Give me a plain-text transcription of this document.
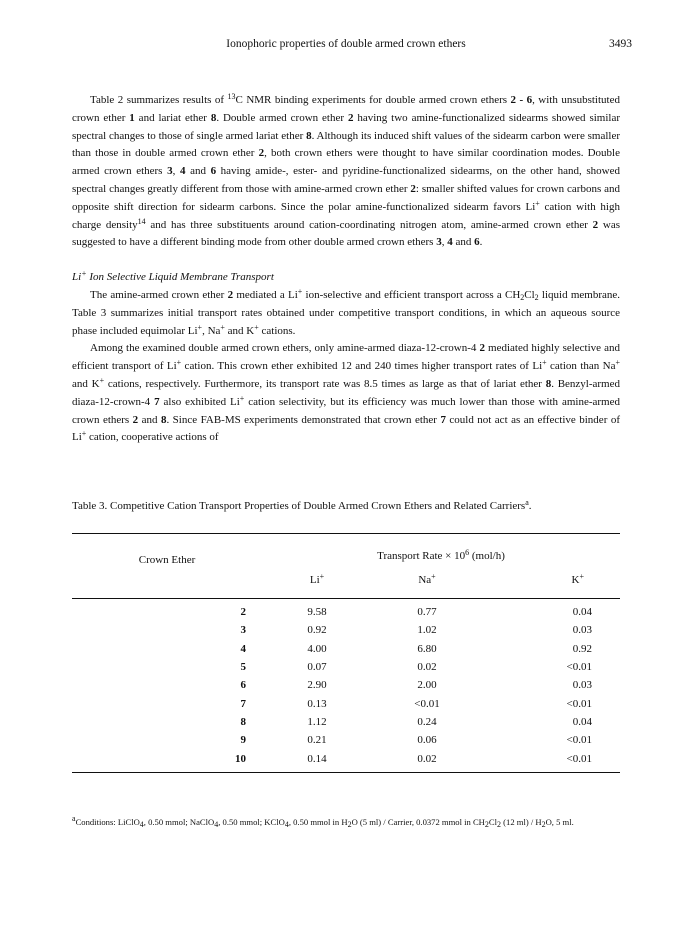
Ionophoric properties of double armed crown ethers	3493

Table 2 summarizes results of $^{13}$C NMR binding experiments for double armed crown ethers 2 - 6, with unsubstituted crown ether 1 and lariat ether 8. Double armed crown ether 2 having two amine-functionalized sidearms showed similar spectral changes to those of single armed lariat ether 8. Although its induced shift values of the sidearm carbon were smaller than those in double armed crown ether 2, both crown ethers were thought to have similar coordination modes. Double armed crown ethers 3, 4 and 6 having amide-, ester- and pyridine-functionalized sidearms, on the other hand, showed spectral changes greatly different from those with amine-armed crown ether 2: smaller shifted values for crown carbons and opposite shift direction for sidearm carbons. Since the polar amine-functionalized sidearm favors Li+ cation with high charge density$^{14}$ and has three substituents around cation-coordinating nitrogen atom, amine-armed crown ether 2 was suggested to have a different binding mode from other double armed crown ethers 3, 4 and 6.

Li+ Ion Selective Liquid Membrane Transport

The amine-armed crown ether 2 mediated a Li+ ion-selective and efficient transport across a $CH_2Cl_2$ liquid membrane. Table 3 summarizes initial transport rates obtained under competitive transport conditions, in which an aqueous source phase included equimolar Li+, Na+ and K+ cations.

Among the examined double armed crown ethers, only amine-armed diaza-12-crown-4 2 mediated highly selective and efficient transport of Li+ cation. This crown ether exhibited 12 and 240 times higher transport rates of Li+ cation than Na+ and K+ cations, respectively. Furthermore, its transport rate was 8.5 times as large as that of lariat ether 8. Benzyl-armed diaza-12-crown-4 7 also exhibited Li+ cation selectivity, but its efficiency was much lower than those with amine-armed crown ethers 2 and 8. Since FAB-MS experiments demonstrated that crown ether 7 could not act as an effective binder of Li+ cation, cooperative actions of

Table 3. Competitive Cation Transport Properties of Double Armed Crown Ethers and Related Carriers$^a$.
	Transport Rate × $10^6$ (mol/h)		
Crown Ether	Li+	Na+	K+

2	9.58	0.77	0.04
3	0.92	1.02	0.03
4	4.00	6.80	0.92
5	0.07	0.02	<0.01
6	2.90	2.00	0.03
7	0.13	<0.01	<0.01
8	1.12	0.24	0.04
9	0.21	0.06	<0.01
10	0.14	0.02	<0.01
$^a$Conditions: LiClO$_4$, 0.50 mmol; NaClO$_4$, 0.50 mmol; KClO$_4$, 0.50 mmol in $H_2O$ (5 ml) / Carrier, 0.0372 mmol in $CH_2Cl_2$ (12 $ml) / H_2O$, 5 ml.
